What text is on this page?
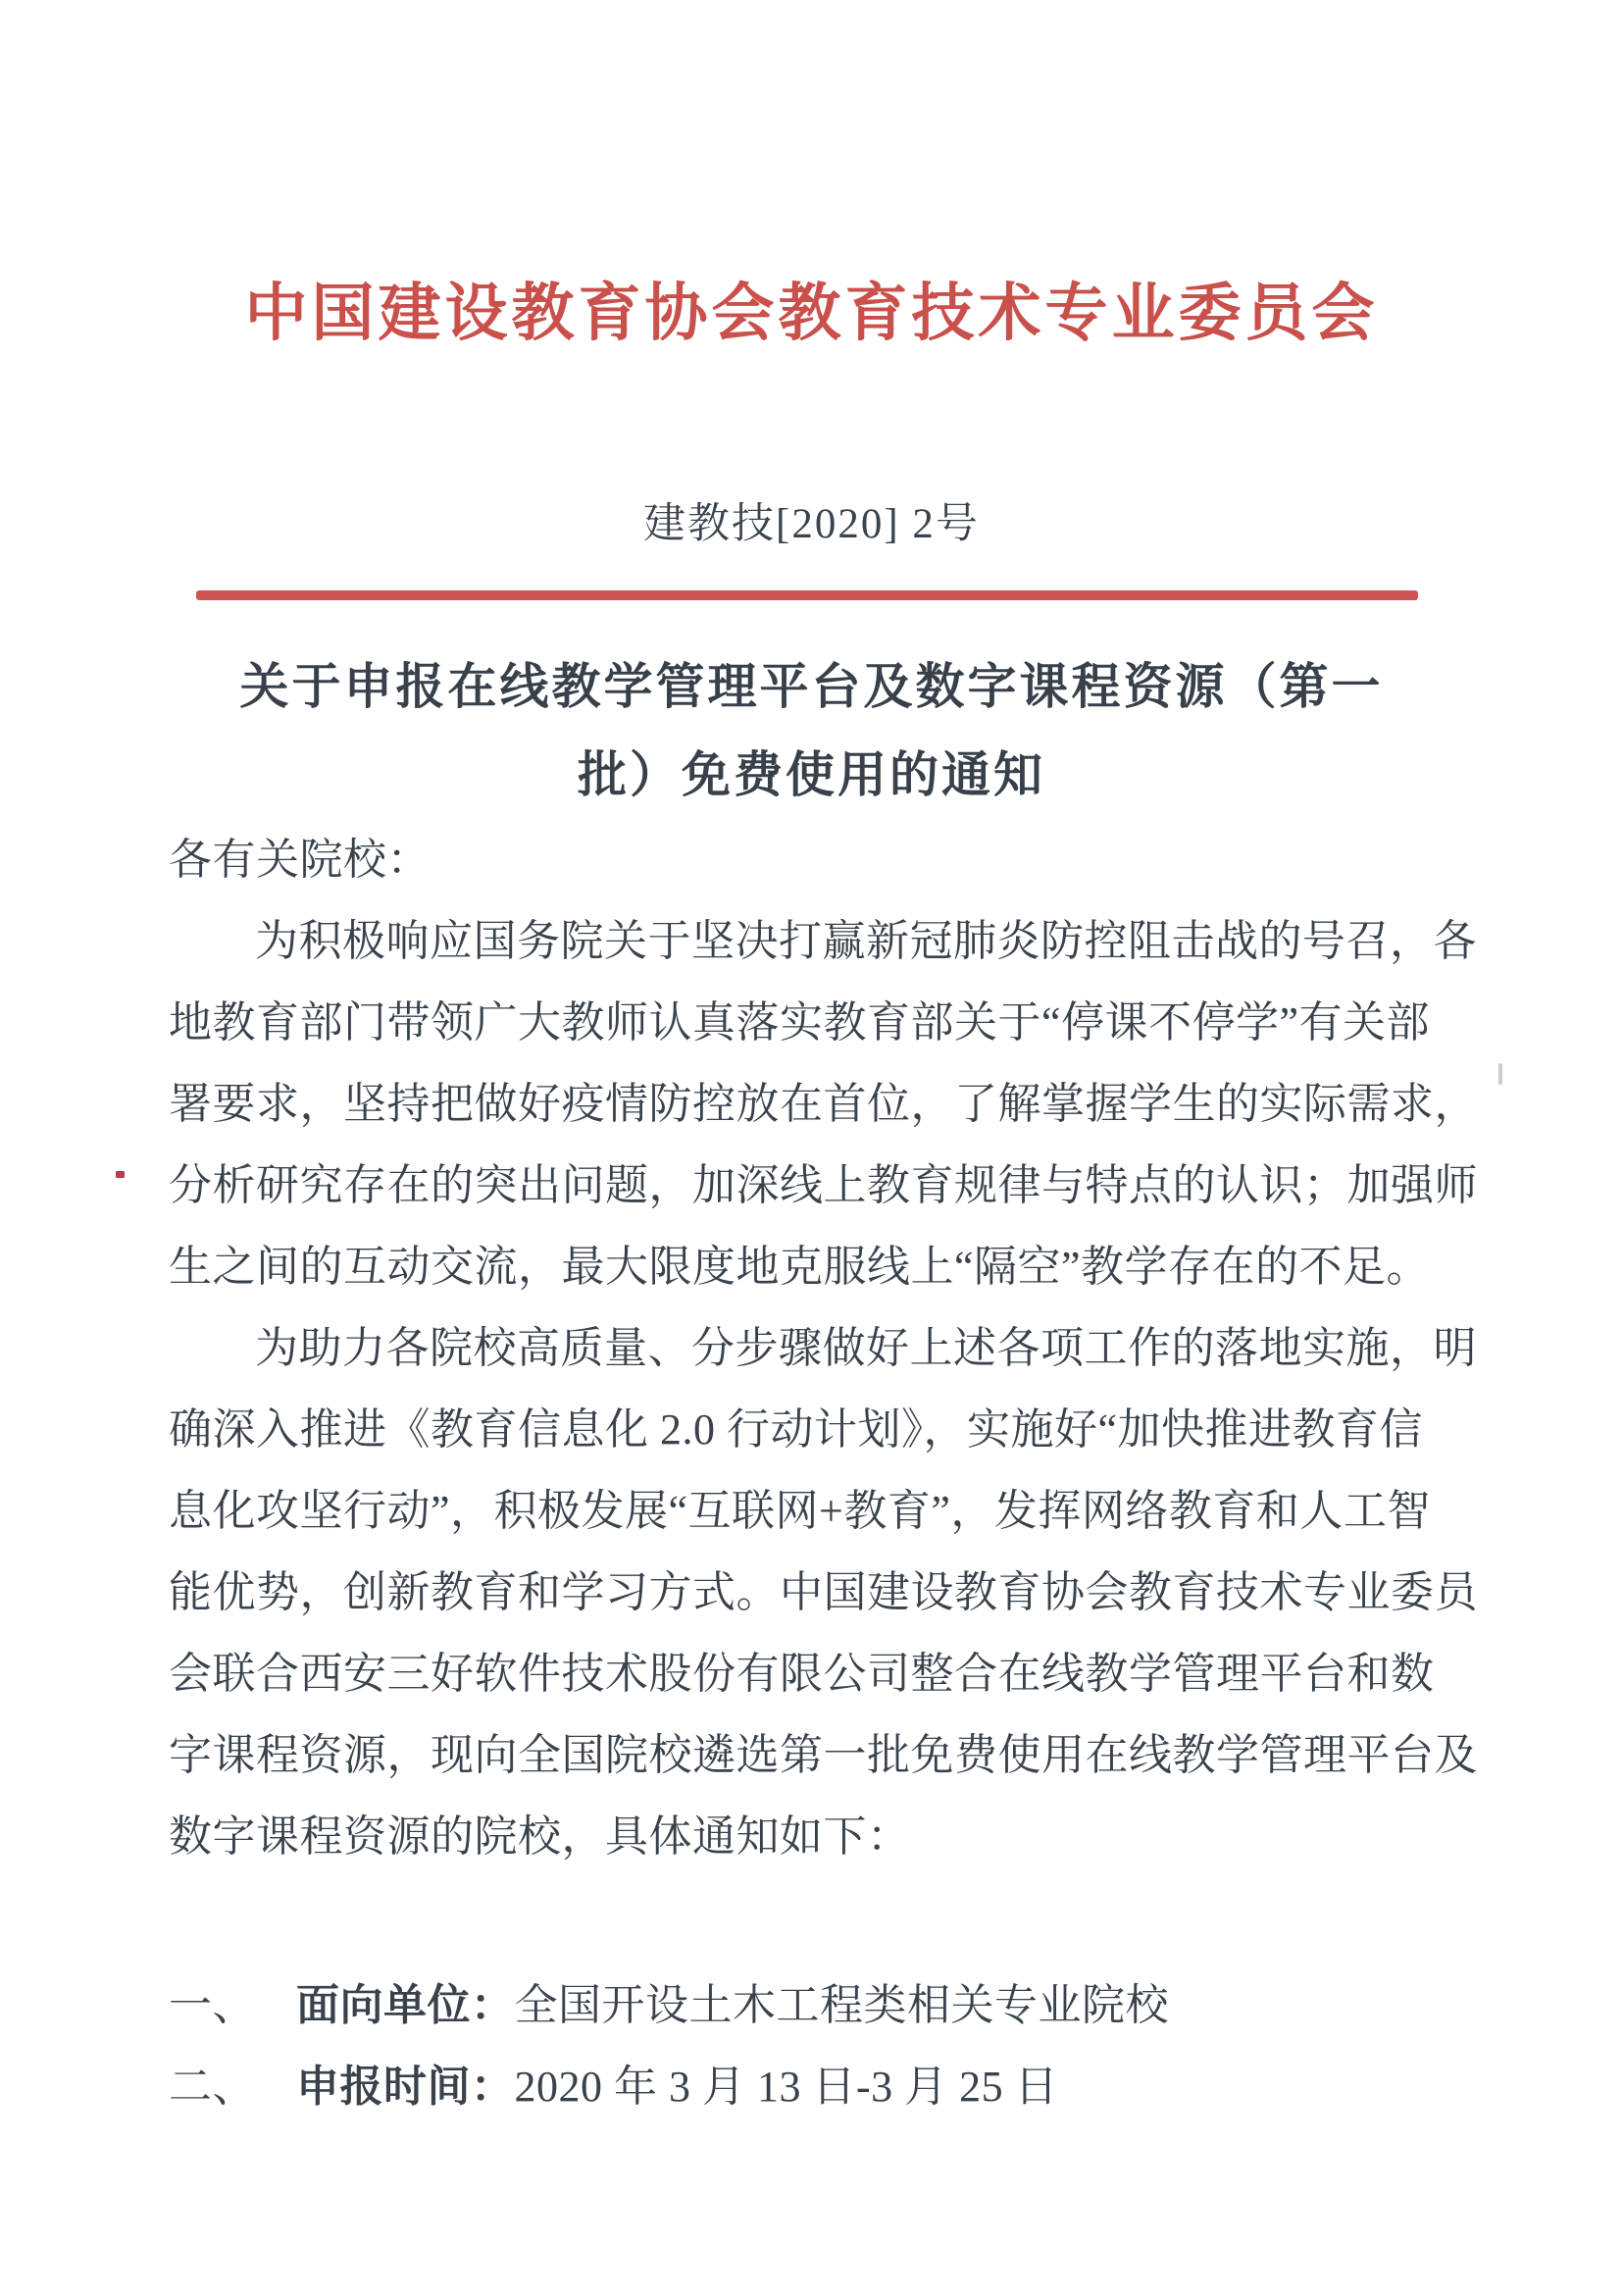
中国建设教育协会教育技术专业委员会
建教技[2020] 2号
关于申报在线教学管理平台及数字课程资源（第一
批）免费使用的通知
各有关院校：
为积极响应国务院关于坚决打赢新冠肺炎防控阻击战的号召，各
地教育部门带领广大教师认真落实教育部关于“停课不停学”有关部
署要求，坚持把做好疫情防控放在首位，了解掌握学生的实际需求，
分析研究存在的突出问题，加深线上教育规律与特点的认识；加强师
生之间的互动交流，最大限度地克服线上“隔空”教学存在的不足。
为助力各院校高质量、分步骤做好上述各项工作的落地实施，明
确深入推进《教育信息化 2.0 行动计划》，实施好“加快推进教育信
息化攻坚行动”，积极发展“互联网+教育”，发挥网络教育和人工智
能优势，创新教育和学习方式。中国建设教育协会教育技术专业委员
会联合西安三好软件技术股份有限公司整合在线教学管理平台和数
字课程资源，现向全国院校遴选第一批免费使用在线教学管理平台及
数字课程资源的院校，具体通知如下：
一、 面向单位：全国开设土木工程类相关专业院校
二、 申报时间：2020 年 3 月 13 日-3 月 25 日
